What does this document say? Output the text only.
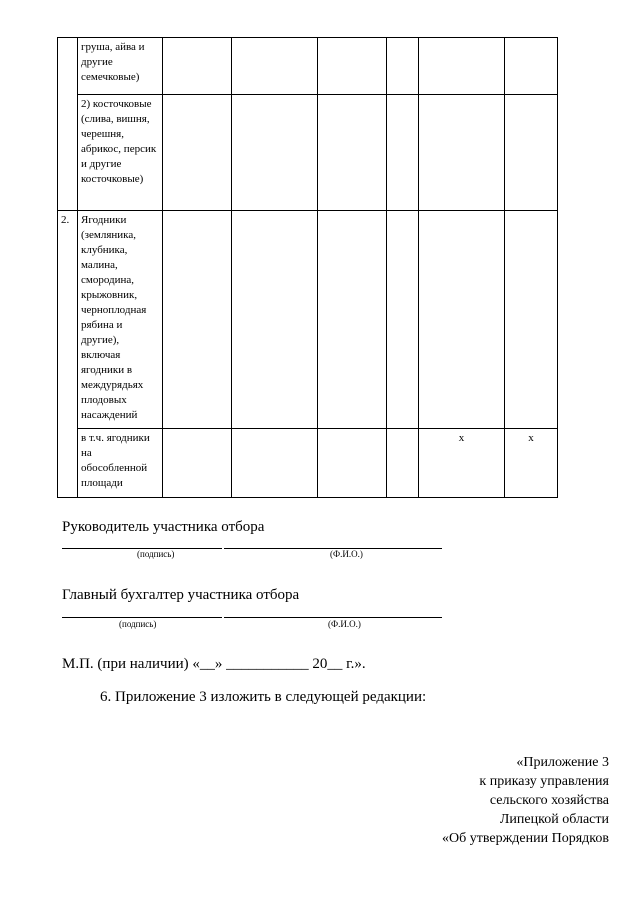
	груша, айва и другие семечковые)						
	2) косточковые (слива, вишня, черешня, абрикос, персик и другие косточковые)						
2.	Ягодники (земляника, клубника, малина, смородина, крыжовник, черноплодная рябина и другие), включая ягодники в междурядьях плодовых насаждений						
	в т.ч. ягодники на обособленной площади					x	x
Руководитель участника отбора
(подпись)	(Ф.И.О.)
Главный бухгалтер участника отбора
(подпись)	(Ф.И.О.)
М.П. (при наличии) «__» ___________ 20__ г.».
6. Приложение 3 изложить в следующей редакции:
«Приложение 3
к приказу управления
сельского хозяйства
Липецкой области
«Об утверждении Порядков
